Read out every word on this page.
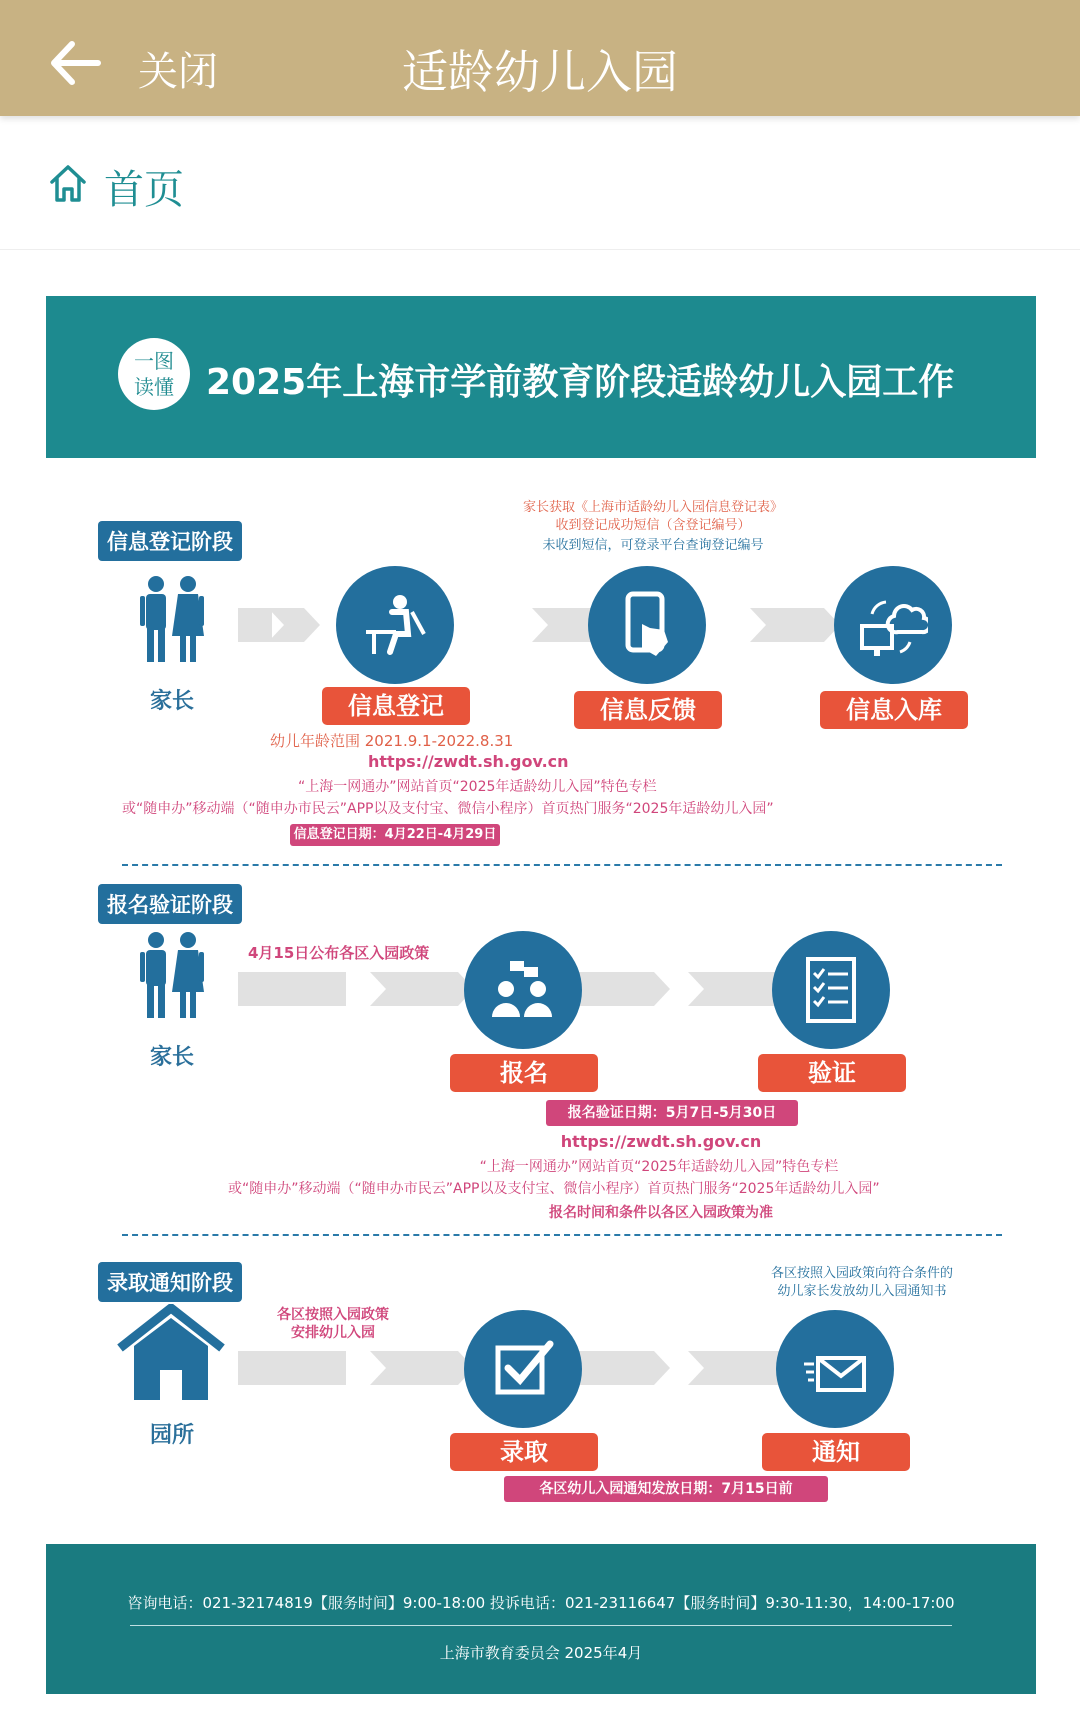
关闭	适龄幼儿入园
首页
一图
读懂 2025年上海市学前教育阶段适龄幼儿入园工作
信息登记阶段
家长
家长获取《上海市适龄幼儿入园信息登记表》
收到登记成功短信（含登记编号）
未收到短信，可登录平台查询登记编号
信息登记	信息反馈	信息入库
幼儿年龄范围 2021.9.1-2022.8.31
https://zwdt.sh.gov.cn
“上海一网通办”网站首页“2025年适龄幼儿入园”特色专栏
或“随申办”移动端（“随申办市民云”APP以及支付宝、微信小程序）首页热门服务“2025年适龄幼儿入园”
信息登记日期：4月22日-4月29日
报名验证阶段
家长
4月15日公布各区入园政策
报名	验证
报名验证日期：5月7日-5月30日
https://zwdt.sh.gov.cn
“上海一网通办”网站首页“2025年适龄幼儿入园”特色专栏
或“随申办”移动端（“随申办市民云”APP以及支付宝、微信小程序）首页热门服务“2025年适龄幼儿入园”
报名时间和条件以各区入园政策为准
录取通知阶段
园所
各区按照入园政策
安排幼儿入园
各区按照入园政策向符合条件的
幼儿家长发放幼儿入园通知书
录取	通知
各区幼儿入园通知发放日期：7月15日前
咨询电话：021-32174819【服务时间】9:00-18:00 投诉电话：021-23116647【服务时间】9:30-11:30，14:00-17:00
上海市教育委员会 2025年4月
